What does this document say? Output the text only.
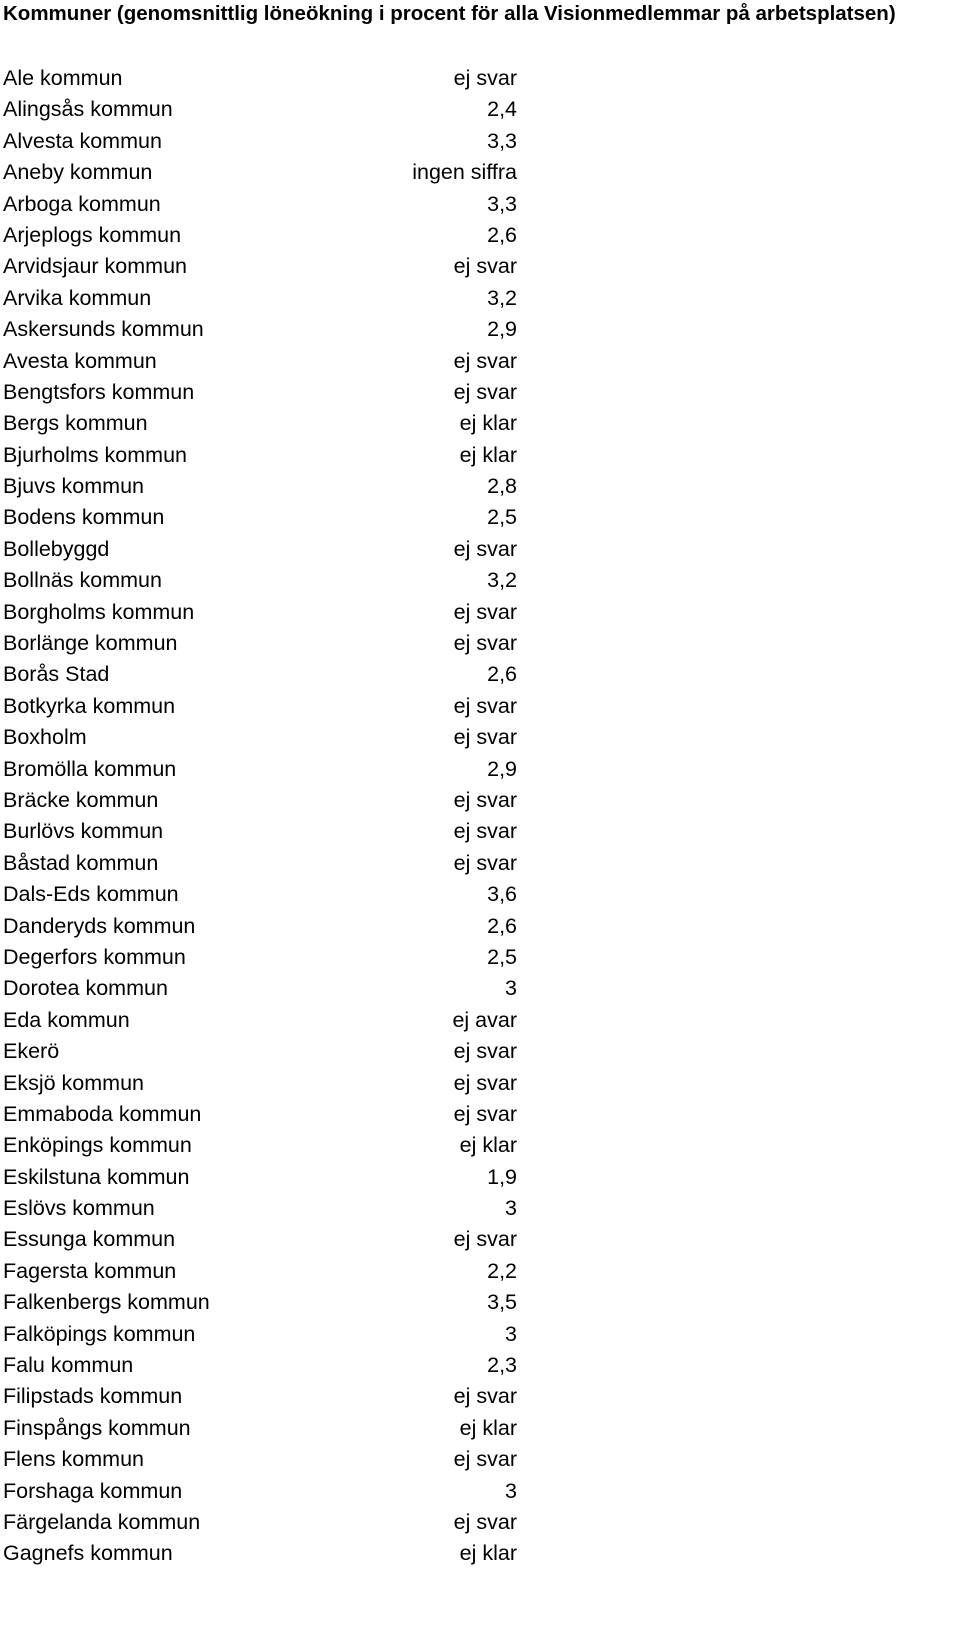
Kommuner (genomsnittlig löneökning i procent för alla Visionmedlemmar på arbetsplatsen)
Ale kommun	ej svar
Alingsås kommun	2,4
Alvesta kommun	3,3
Aneby kommun	ingen siffra
Arboga kommun	3,3
Arjeplogs kommun	2,6
Arvidsjaur kommun	ej svar
Arvika kommun	3,2
Askersunds kommun	2,9
Avesta kommun	ej svar
Bengtsfors kommun	ej svar
Bergs kommun	ej klar
Bjurholms kommun	ej klar
Bjuvs kommun	2,8
Bodens kommun	2,5
Bollebyggd	ej svar
Bollnäs kommun	3,2
Borgholms kommun	ej svar
Borlänge kommun	ej svar
Borås Stad	2,6
Botkyrka kommun	ej svar
Boxholm	ej svar
Bromölla kommun	2,9
Bräcke kommun	ej svar
Burlövs kommun	ej svar
Båstad kommun	ej svar
Dals-Eds kommun	3,6
Danderyds kommun	2,6
Degerfors kommun	2,5
Dorotea kommun	3
Eda kommun	ej avar
Ekerö	ej svar
Eksjö kommun	ej svar
Emmaboda kommun	ej svar
Enköpings kommun	ej klar
Eskilstuna kommun	1,9
Eslövs kommun	3
Essunga kommun	ej svar
Fagersta kommun	2,2
Falkenbergs kommun	3,5
Falköpings kommun	3
Falu kommun	2,3
Filipstads kommun	ej svar
Finspångs kommun	ej klar
Flens kommun	ej svar
Forshaga kommun	3
Färgelanda kommun	ej svar
Gagnefs kommun	ej klar
